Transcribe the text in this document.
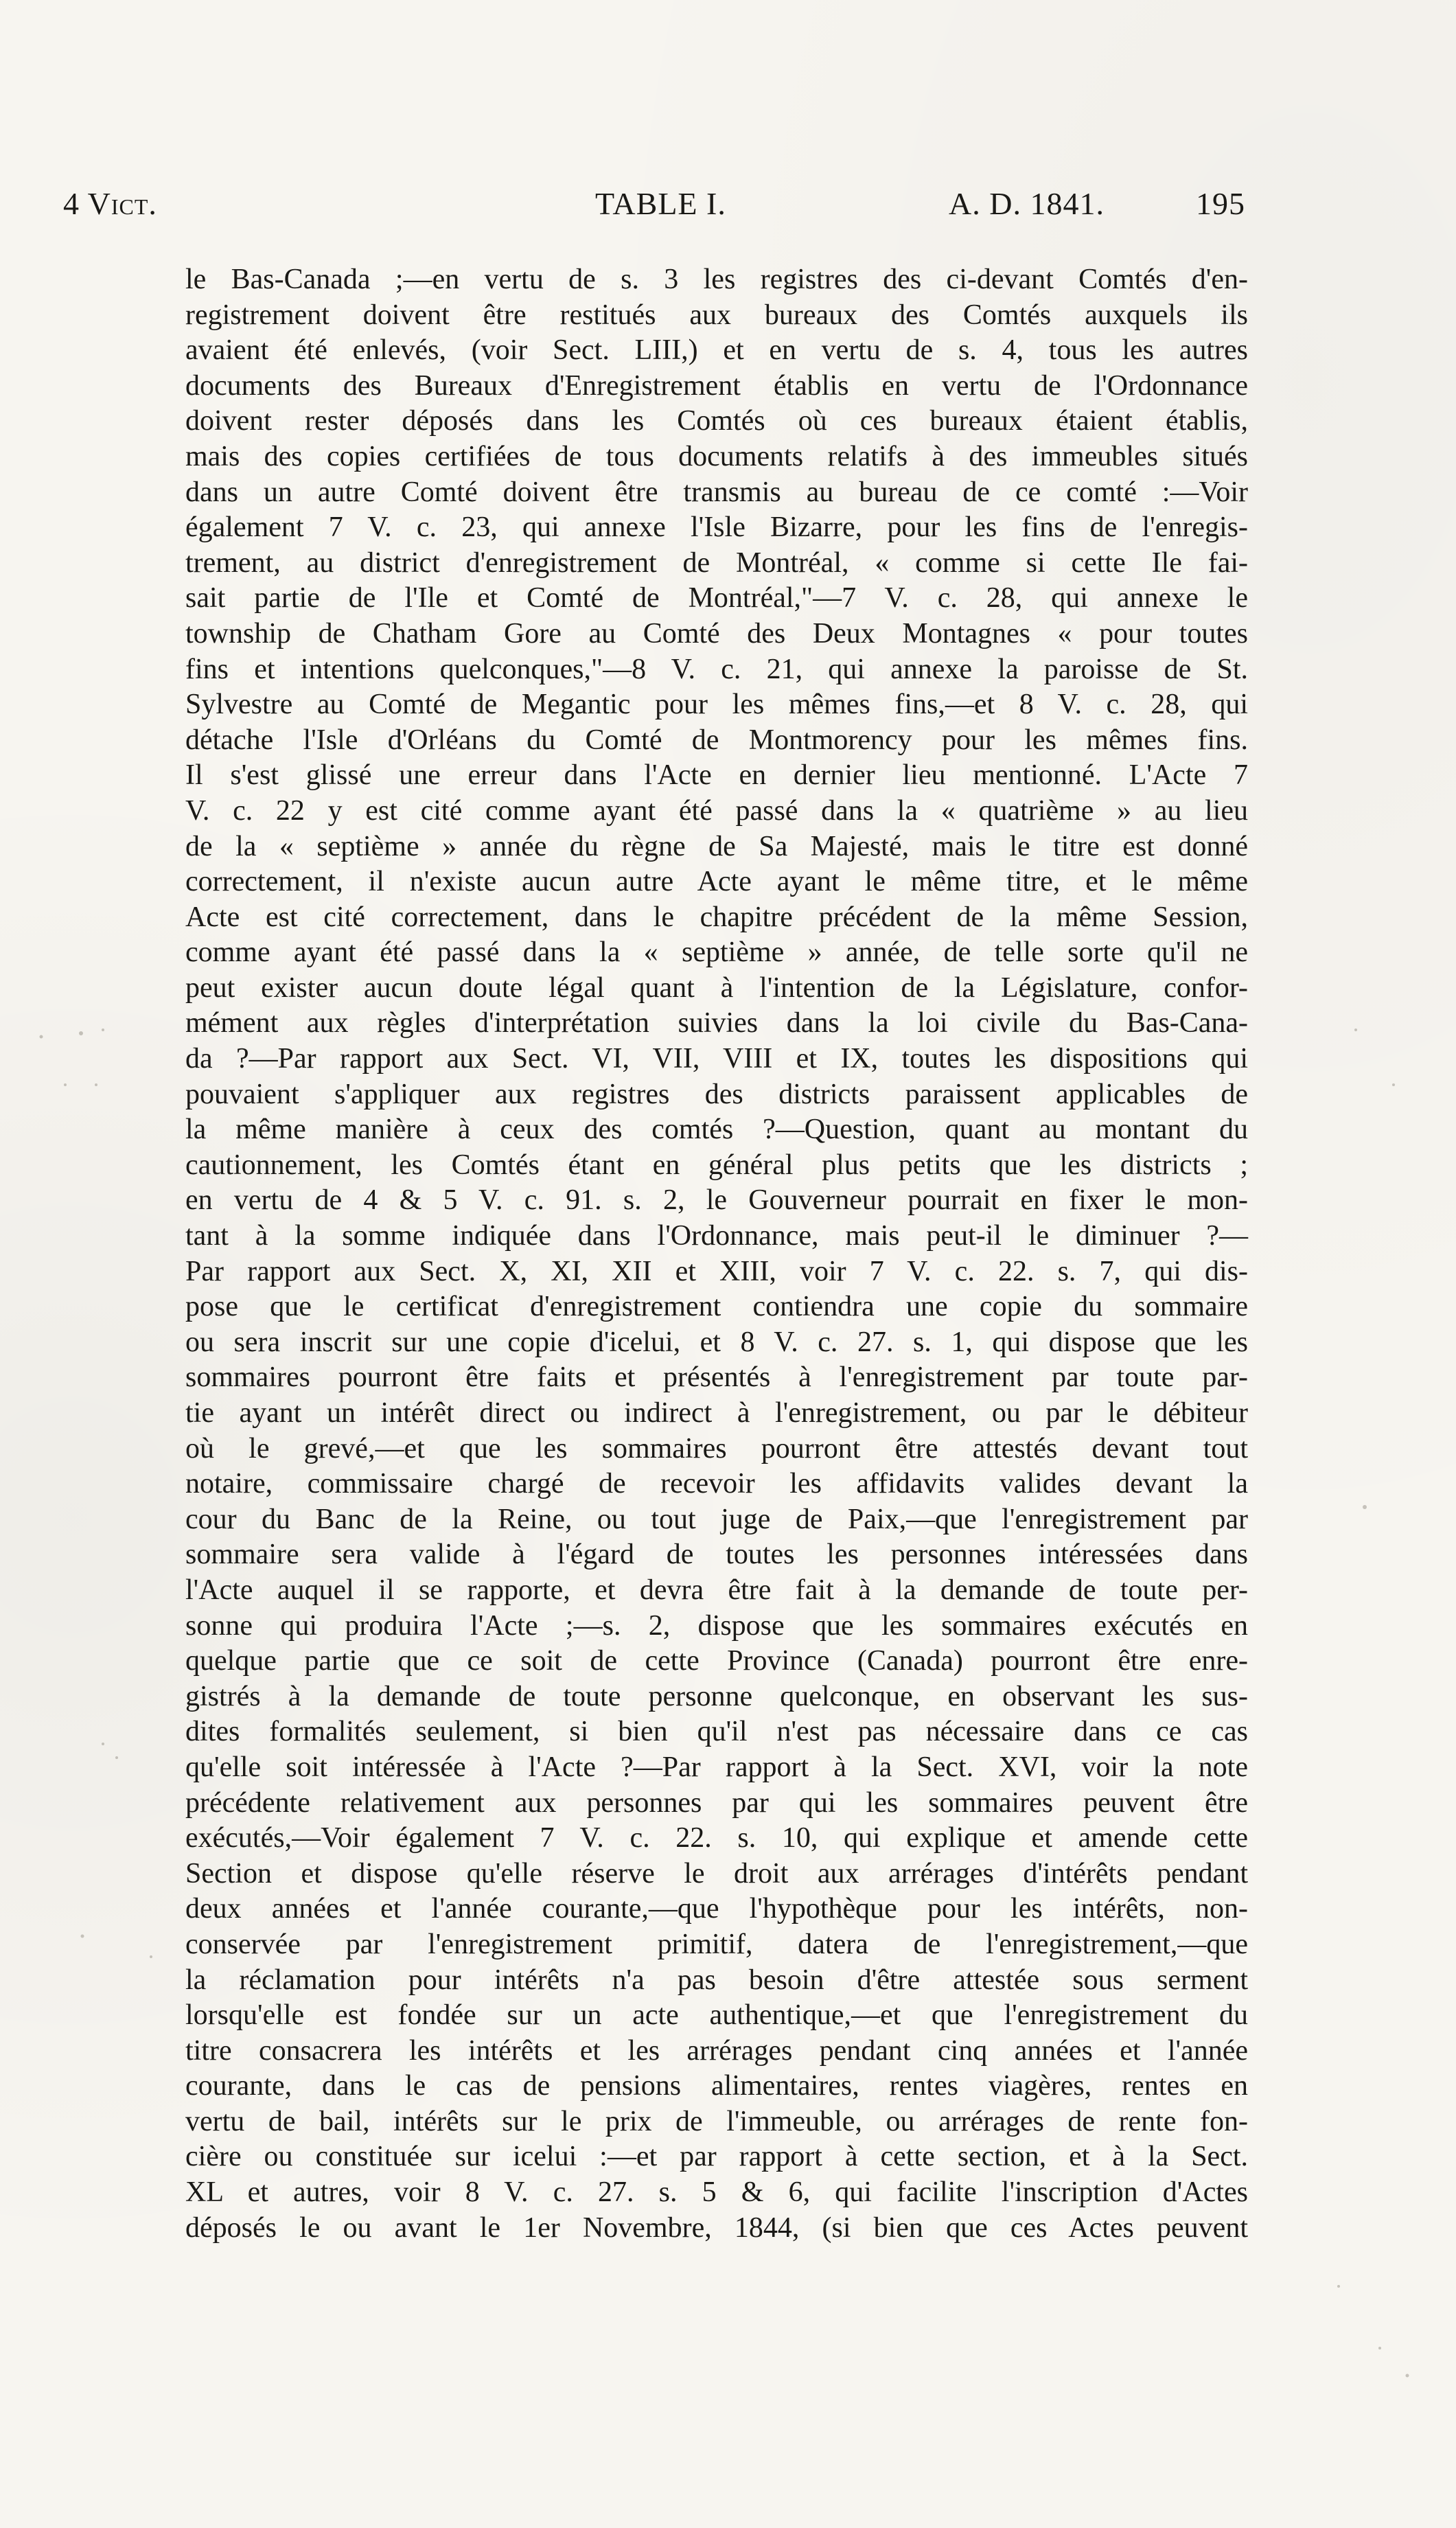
4 Vict.	TABLE I.	A. D. 1841.	195
le Bas-Canada ;—en vertu de s. 3 les registres des ci-devant Comtés d'en-
registrement doivent être restitués aux bureaux des Comtés auxquels ils
avaient été enlevés, (voir Sect. LIII,) et en vertu de s. 4, tous les autres
documents des Bureaux d'Enregistrement établis en vertu de l'Ordonnance
doivent rester déposés dans les Comtés où ces bureaux étaient établis,
mais des copies certifiées de tous documents relatifs à des immeubles situés
dans un autre Comté doivent être transmis au bureau de ce comté :—Voir
également 7 V. c. 23, qui annexe l'Isle Bizarre, pour les fins de l'enregis-
trement, au district d'enregistrement de Montréal, « comme si cette Ile fai-
sait partie de l'Ile et Comté de Montréal,"—7 V. c. 28, qui annexe le
township de Chatham Gore au Comté des Deux Montagnes « pour toutes
fins et intentions quelconques,"—8 V. c. 21, qui annexe la paroisse de St.
Sylvestre au Comté de Megantic pour les mêmes fins,—et 8 V. c. 28, qui
détache l'Isle d'Orléans du Comté de Montmorency pour les mêmes fins.
Il s'est glissé une erreur dans l'Acte en dernier lieu mentionné. L'Acte 7
V. c. 22 y est cité comme ayant été passé dans la « quatrième » au lieu
de la « septième » année du règne de Sa Majesté, mais le titre est donné
correctement, il n'existe aucun autre Acte ayant le même titre, et le même
Acte est cité correctement, dans le chapitre précédent de la même Session,
comme ayant été passé dans la « septième » année, de telle sorte qu'il ne
peut exister aucun doute légal quant à l'intention de la Législature, confor-
mément aux règles d'interprétation suivies dans la loi civile du Bas-Cana-
da ?—Par rapport aux Sect. VI, VII, VIII et IX, toutes les dispositions qui
pouvaient s'appliquer aux registres des districts paraissent applicables de
la même manière à ceux des comtés ?—Question, quant au montant du
cautionnement, les Comtés étant en général plus petits que les districts ;
en vertu de 4 & 5 V. c. 91. s. 2, le Gouverneur pourrait en fixer le mon-
tant à la somme indiquée dans l'Ordonnance, mais peut-il le diminuer ?—
Par rapport aux Sect. X, XI, XII et XIII, voir 7 V. c. 22. s. 7, qui dis-
pose que le certificat d'enregistrement contiendra une copie du sommaire
ou sera inscrit sur une copie d'icelui, et 8 V. c. 27. s. 1, qui dispose que les
sommaires pourront être faits et présentés à l'enregistrement par toute par-
tie ayant un intérêt direct ou indirect à l'enregistrement, ou par le débiteur
où le grevé,—et que les sommaires pourront être attestés devant tout
notaire, commissaire chargé de recevoir les affidavits valides devant la
cour du Banc de la Reine, ou tout juge de Paix,—que l'enregistrement par
sommaire sera valide à l'égard de toutes les personnes intéressées dans
l'Acte auquel il se rapporte, et devra être fait à la demande de toute per-
sonne qui produira l'Acte ;—s. 2, dispose que les sommaires exécutés en
quelque partie que ce soit de cette Province (Canada) pourront être enre-
gistrés à la demande de toute personne quelconque, en observant les sus-
dites formalités seulement, si bien qu'il n'est pas nécessaire dans ce cas
qu'elle soit intéressée à l'Acte ?—Par rapport à la Sect. XVI, voir la note
précédente relativement aux personnes par qui les sommaires peuvent être
exécutés,—Voir également 7 V. c. 22. s. 10, qui explique et amende cette
Section et dispose qu'elle réserve le droit aux arrérages d'intérêts pendant
deux années et l'année courante,—que l'hypothèque pour les intérêts, non-
conservée par l'enregistrement primitif, datera de l'enregistrement,—que
la réclamation pour intérêts n'a pas besoin d'être attestée sous serment
lorsqu'elle est fondée sur un acte authentique,—et que l'enregistrement du
titre consacrera les intérêts et les arrérages pendant cinq années et l'année
courante, dans le cas de pensions alimentaires, rentes viagères, rentes en
vertu de bail, intérêts sur le prix de l'immeuble, ou arrérages de rente fon-
cière ou constituée sur icelui :—et par rapport à cette section, et à la Sect.
XL et autres, voir 8 V. c. 27. s. 5 & 6, qui facilite l'inscription d'Actes
déposés le ou avant le 1er Novembre, 1844, (si bien que ces Actes peuvent
